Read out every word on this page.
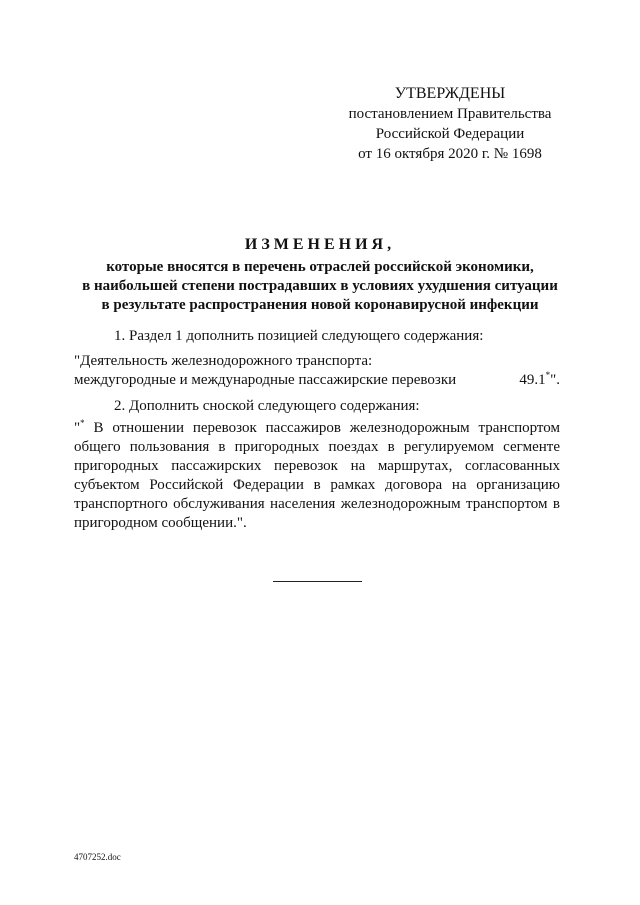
УТВЕРЖДЕНЫ
постановлением Правительства
Российской Федерации
от 16 октября 2020 г. № 1698
ИЗМЕНЕНИЯ,
которые вносятся в перечень отраслей российской экономики,
в наибольшей степени пострадавших в условиях ухудшения ситуации
в результате распространения новой коронавирусной инфекции
1. Раздел 1 дополнить позицией следующего содержания:
"Деятельность железнодорожного транспорта:
междугородные и международные пассажирские перевозки	49.1*".
2. Дополнить сноской следующего содержания:
"* В отношении перевозок пассажиров железнодорожным транспортом общего пользования в пригородных поездах в регулируемом сегменте пригородных пассажирских перевозок на маршрутах, согласованных субъектом Российской Федерации в рамках договора на организацию транспортного обслуживания населения железнодорожным транспортом в пригородном сообщении.".
4707252.doc
